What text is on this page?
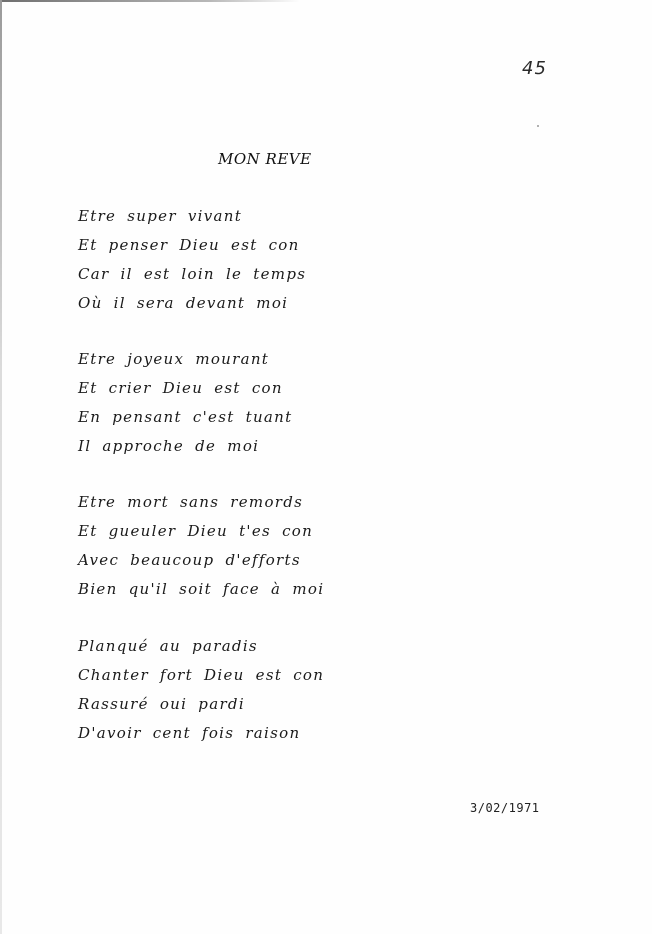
45
MON REVE
Etre super vivant
Et penser Dieu est con
Car il est loin le temps
Où il sera devant moi
Etre joyeux mourant
Et crier Dieu est con
En pensant c'est tuant
Il approche de moi
Etre mort sans remords
Et gueuler Dieu t'es con
Avec beaucoup d'efforts
Bien qu'il soit face à moi
Planqué au paradis
Chanter fort Dieu est con
Rassuré oui pardi
D'avoir cent fois raison
3/02/1971
